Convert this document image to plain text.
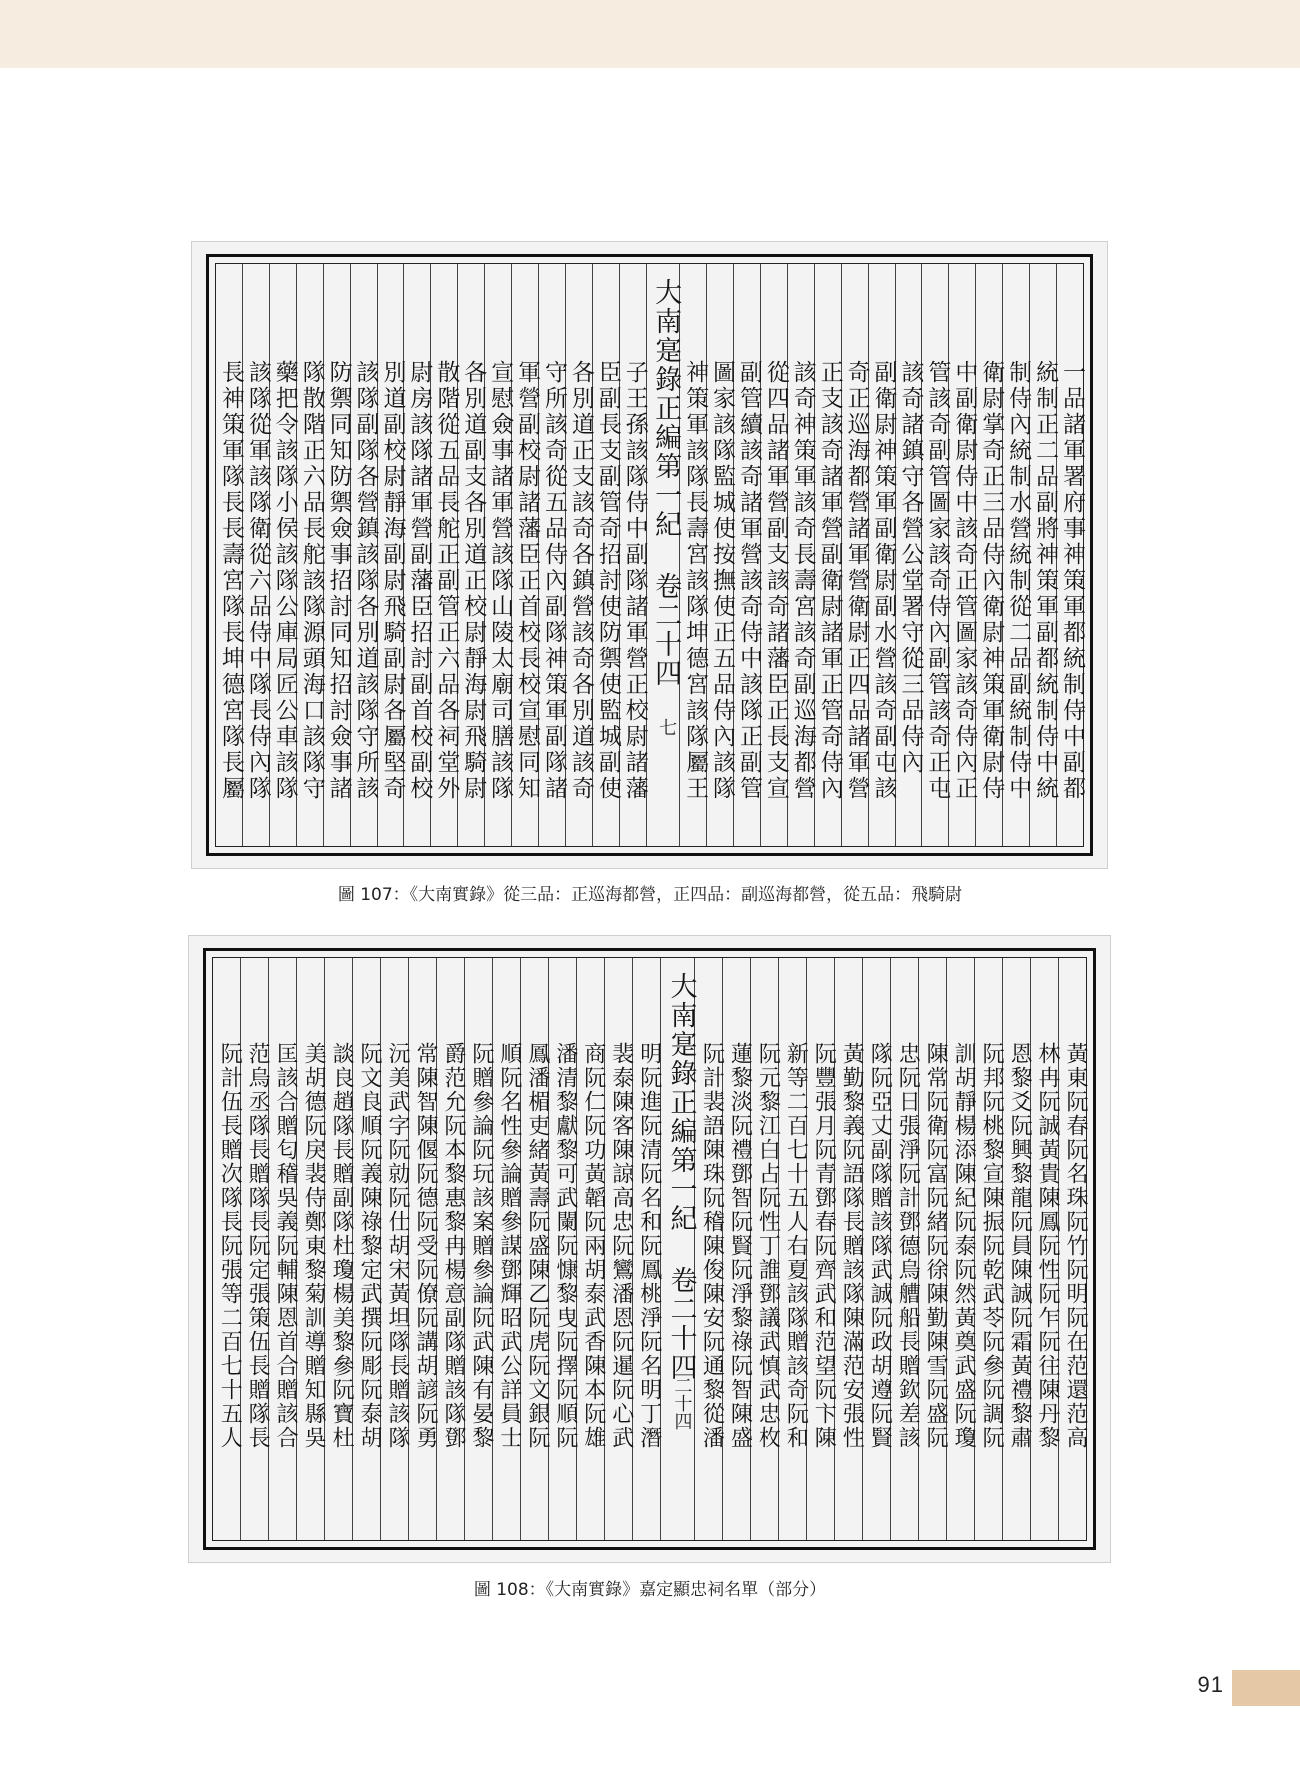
一品諸軍署府事神策軍都統制侍中副都
統制正二品副將神策軍副都統制侍中統
制侍內統制水營統制從二品副統制侍中
衛尉掌奇正三品侍內衛尉神策軍衛尉侍
中副衛尉侍中該奇正管圖家該奇侍內正
管該奇副管圖家該奇侍內副管該奇正屯
該奇諸鎮守各營公堂署守從三品侍內
副衛尉神策軍副衛尉副水營該奇副屯該
奇正巡海都營諸軍營衛尉正四品諸軍營
正支該奇諸軍營副衛尉諸軍正管奇侍內
該奇神策軍該奇長壽宮該奇副巡海都營
從四品諸軍營副支該奇諸藩臣正長支宣
副管續該奇諸軍營該奇侍中該隊正副管
圖家該隊監城使按撫使正五品侍內該隊
神策軍該隊長壽宮該隊坤德宮該隊屬王
大南寔錄正編第一紀 卷二十四
七
子王孫該隊侍中副隊諸軍營正校尉諸藩
臣副長支副管奇招討使防禦使監城副使
各別道正支該奇各鎮營該奇各別道該奇
守所該奇從五品侍內副隊神策軍副隊諸
軍營副校尉諸藩臣正首校長校宣慰同知
宣慰僉事諸軍營該隊山陵太廟司膳該隊
各別道副支各別道正校尉靜海尉飛騎尉
散階從五品長舵正副管正六品各祠堂外
尉房該隊諸軍營副藩臣招討副首校副校
別道副校尉靜海副尉飛騎副尉各屬堅奇
該隊副隊各營鎮該隊各別道該隊守所該
防禦同知防禦僉事招討同知招討僉事諸
隊散階正六品長舵該隊源頭海口該隊守
藥把令該隊小侯該隊公庫局匠公車該隊
該隊從軍該隊衛從六品侍中隊長侍內隊
長神策軍隊長長壽宮隊長坤德宮隊長屬
圖 107：《大南實錄》從三品：正巡海都營，正四品：副巡海都營，從五品：飛騎尉
黃東阮春阮名珠阮竹阮明阮在范還范高
林冉阮誠黃貴陳鳳阮性阮乍阮往陳丹黎
恩黎爻阮興黎龍阮員陳誠阮霜黃禮黎肅
阮邦阮桃黎宣陳振阮乾武苓阮參阮調阮
訓胡靜楊添陳紀阮泰阮然黃奠武盛阮瓊
陳常阮衛阮富阮緒阮徐陳勤陳雪阮盛阮
忠阮日張淨阮計鄧德烏艚船長贈欽差該
隊阮亞丈副隊贈該隊武誠阮政胡遵阮賢
黃勤黎義阮語隊長贈該隊陳滿范安張性
阮豐張月阮青鄧春阮齊武和范望阮卞陳
新等二百七十五人右夏該隊贈該奇阮和
阮元黎江白占阮性丁誰鄧議武慎武忠枚
蓮黎淡阮禮鄧智阮賢阮淨黎祿阮智陳盛
阮計裴語陳珠阮稽陳俊陳安阮通黎從潘
大南寔錄正編第一紀 卷二十四
二十四
明阮進阮清阮名和阮鳳桃淨阮名明丁潛
裴泰陳客陳諒高忠阮鸞潘恩阮暹阮心武
商阮仁阮功黃韜阮兩胡泰武香陳本阮雄
潘清黎獻黎可武闌阮慷黎曳阮擇阮順阮
鳳潘楣吏緒黃壽阮盛陳乙阮虎阮文銀阮
順阮名性參論贈參謀鄧輝昭武公詳員士
阮贈參論阮玩該案贈參論阮武陳有晏黎
爵范允阮本黎惠黎冉楊意副隊贈該隊鄧
常陳智陳偃阮德阮受阮僚阮講胡諺阮勇
沅美武字阮勍阮仕胡宋黃坦隊長贈該隊
阮文良順阮義陳祿黎定武撰阮彫阮泰胡
談良趙隊長贈副隊杜瓊楊美黎參阮寶杜
美胡德阮戾裴侍鄭東黎菊訓導贈知縣吳
匡該合贈匂稽吳義阮輔陳恩首合贈該合
范烏丞隊長贈隊長阮定張策伍長贈隊長
阮計伍長贈次隊長阮張等二百七十五人
圖 108：《大南實錄》嘉定顯忠祠名單（部分）
91
